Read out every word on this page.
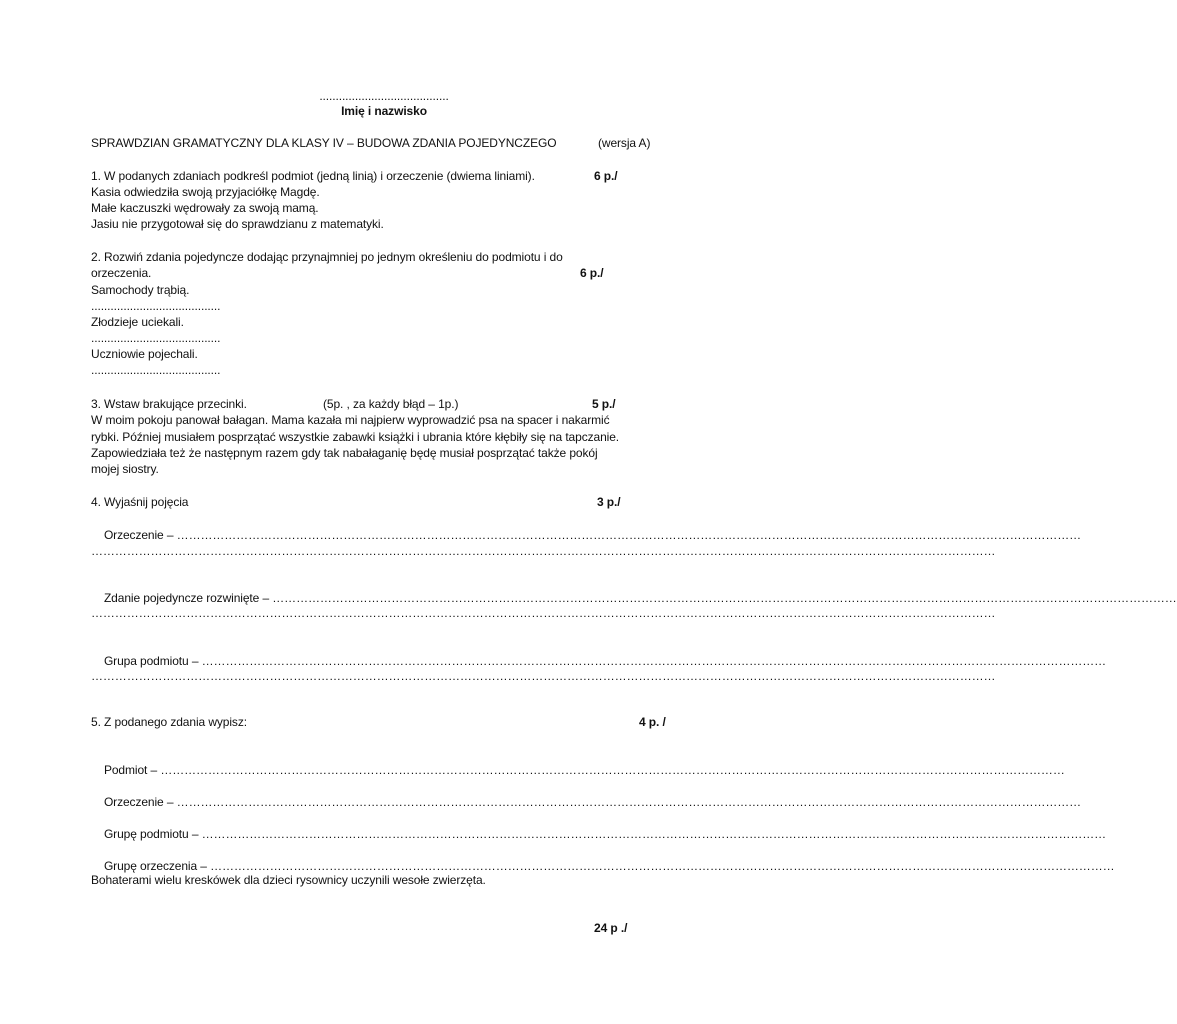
........................................
Imię i nazwisko
SPRAWDZIAN GRAMATYCZNY DLA KLASY IV – BUDOWA ZDANIA POJEDYNCZEGO	(wersja A)
1. W podanych zdaniach podkreśl podmiot (jedną linią) i orzeczenie (dwiema liniami).	6 p./
Kasia odwiedziła swoją przyjaciółkę Magdę.
Małe kaczuszki wędrowały za swoją mamą.
Jasiu nie przygotował się do sprawdzianu z matematyki.
2. Rozwiń zdania pojedyncze dodając przynajmniej po jednym określeniu do podmiotu i do
orzeczenia.	6 p./
Samochody trąbią.
........................................
Złodzieje uciekali.
........................................
Uczniowie pojechali.
........................................
3. Wstaw brakujące przecinki.	(5p. , za każdy błąd – 1p.)	5 p./
W moim pokoju panował bałagan. Mama kazała mi najpierw wyprowadzić psa na spacer i nakarmić
rybki. Później musiałem posprzątać wszystkie zabawki książki i ubrania które kłębiły się na tapczanie.
Zapowiedziała też że następnym razem gdy tak nabałaganię będę musiał posprzątać także pokój
mojej siostry.
4. Wyjaśnij pojęcia	3 p./

Orzeczenie – …………………………………………………………………………………………………………………………………………………………………………………………………………

…………………………………………………………………………………………………………………………………………………………………………………………………………

Zdanie pojedyncze rozwinięte – …………………………………………………………………………………………………………………………………………………………………………………………………………

…………………………………………………………………………………………………………………………………………………………………………………………………………

Grupa podmiotu – …………………………………………………………………………………………………………………………………………………………………………………………………………

…………………………………………………………………………………………………………………………………………………………………………………………………………
5. Z podanego zdania wypisz:	4 p. /

Podmiot – …………………………………………………………………………………………………………………………………………………………………………………………………………

Orzeczenie – …………………………………………………………………………………………………………………………………………………………………………………………………………

Grupę podmiotu – …………………………………………………………………………………………………………………………………………………………………………………………………………

Grupę orzeczenia – …………………………………………………………………………………………………………………………………………………………………………………………………………

Bohaterami wielu kreskówek dla dzieci rysownicy uczynili wesołe zwierzęta.
24 p ./
